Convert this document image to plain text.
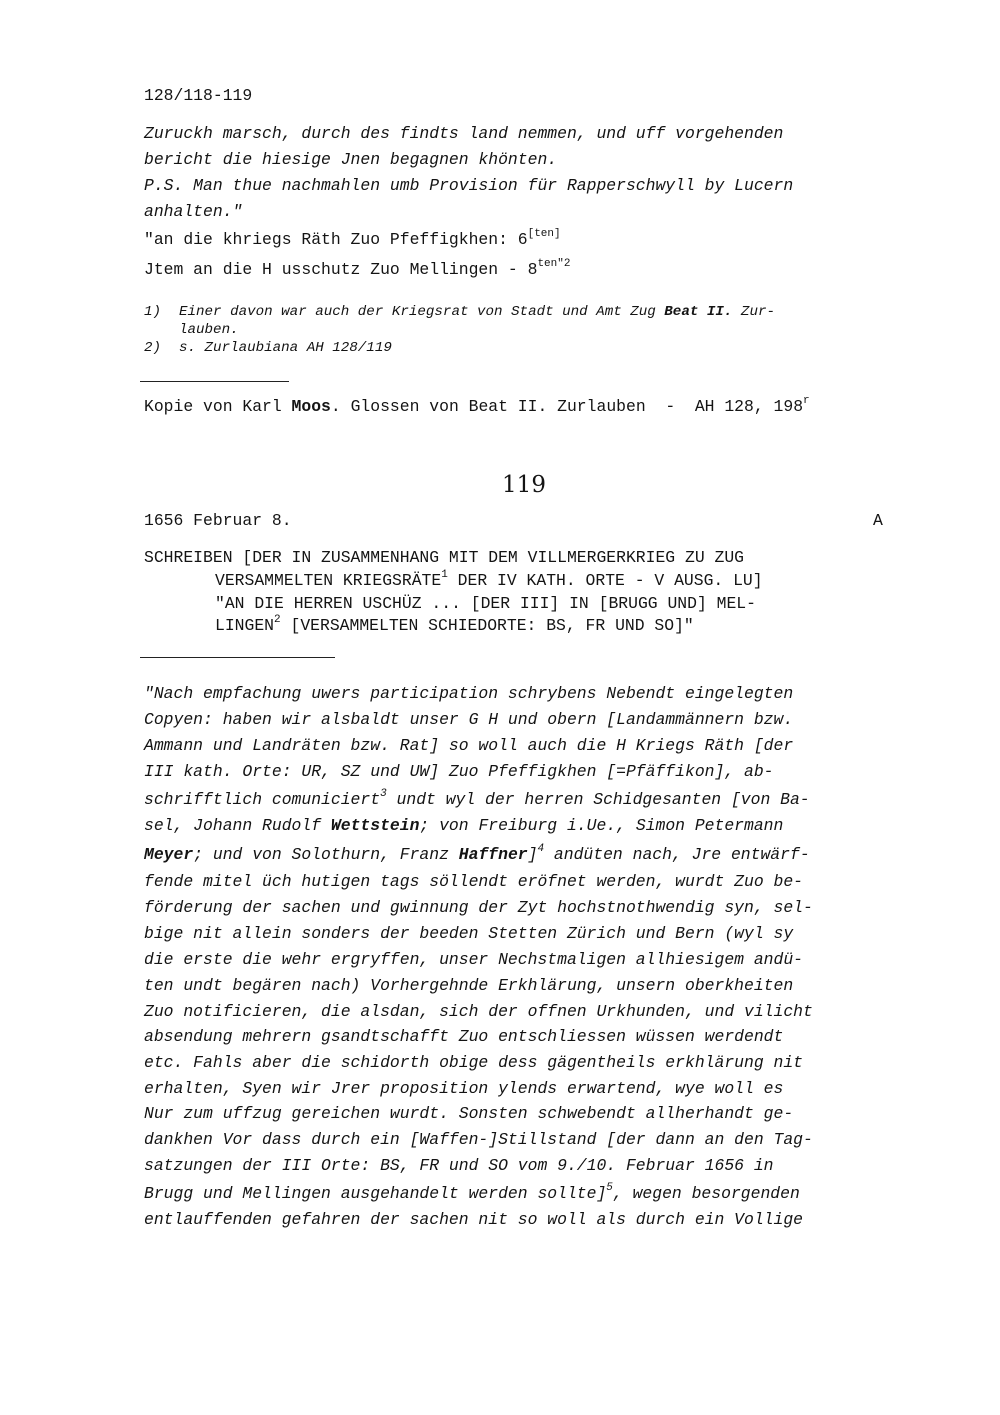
128/118-119
Zuruckh marsch, durch des findts land nemmen, und uff vorgehenden
bericht die hiesige Jnen begagnen khönten.
P.S. Man thue nachmahlen umb Provision für Rapperschwyll by Lucern
anhalten."
"an die khriegs Räth Zuo Pfeffigkhen: 6[ten]
Jtem an die H usschutz Zuo Mellingen - $8^{ten"2}$
1) Einer davon war auch der Kriegsrat von Stadt und Amt Zug Beat II. Zur-
lauben.
2) s. Zurlaubiana AH 128/119
Kopie von Karl Moos. Glossen von Beat II. Zurlauben  -  AH 128, 198$^r$
119
1656 Februar 8.	A
SCHREIBEN [DER IN ZUSAMMENHANG MIT DEM VILLMERGERKRIEG ZU ZUG
VERSAMMELTEN KRIEGSRÄTE$^1$ DER IV KATH. ORTE - V AUSG. LU]
"AN DIE HERREN USCHÜZ ... [DER III] IN [BRUGG UND] MEL-
LINGEN$^2$ [VERSAMMELTEN SCHIEDORTE: BS, FR UND SO]"
"Nach empfachung uwers participation schrybens Nebendt eingelegten
Copyen: haben wir alsbaldt unser G H und obern [Landammännern bzw.
Ammann und Landräten bzw. Rat] so woll auch die H Kriegs Räth [der
III kath. Orte: UR, SZ und UW] Zuo Pfeffigkhen [=Pfäffikon], ab-
schrifftlich comuniciert$^3$ undt wyl der herren Schidgesanten [von Ba-
sel, Johann Rudolf Wettstein; von Freiburg i.Ue., Simon Petermann
Meyer; und von Solothurn, Franz Haffner]$^4$ andüten nach, Jre entwärf-
fende mitel üch hutigen tags söllendt eröfnet werden, wurdt Zuo be-
förderung der sachen und gwinnung der Zyt hochstnothwendig syn, sel-
bige nit allein sonders der beeden Stetten Zürich und Bern (wyl sy
die erste die wehr ergryffen, unser Nechstmaligen allhiesigem andü-
ten undt begären nach) Vorhergehnde Erkhlärung, unsern oberkheiten
Zuo notificieren, die alsdan, sich der offnen Urkhunden, und vilicht
absendung mehrern gsandtschafft Zuo entschliessen wüssen werdendt
etc. Fahls aber die schidorth obige dess gägentheils erkhlärung nit
erhalten, Syen wir Jrer proposition ylends erwartend, wye woll es
Nur zum uffzug gereichen wurdt. Sonsten schwebendt allherhandt ge-
dankhen Vor dass durch ein [Waffen-]Stillstand [der dann an den Tag-
satzungen der III Orte: BS, FR und SO vom 9./10. Februar 1656 in
Brugg und Mellingen ausgehandelt werden sollte]$^5$, wegen besorgenden
entlauffenden gefahren der sachen nit so woll als durch ein Vollige
